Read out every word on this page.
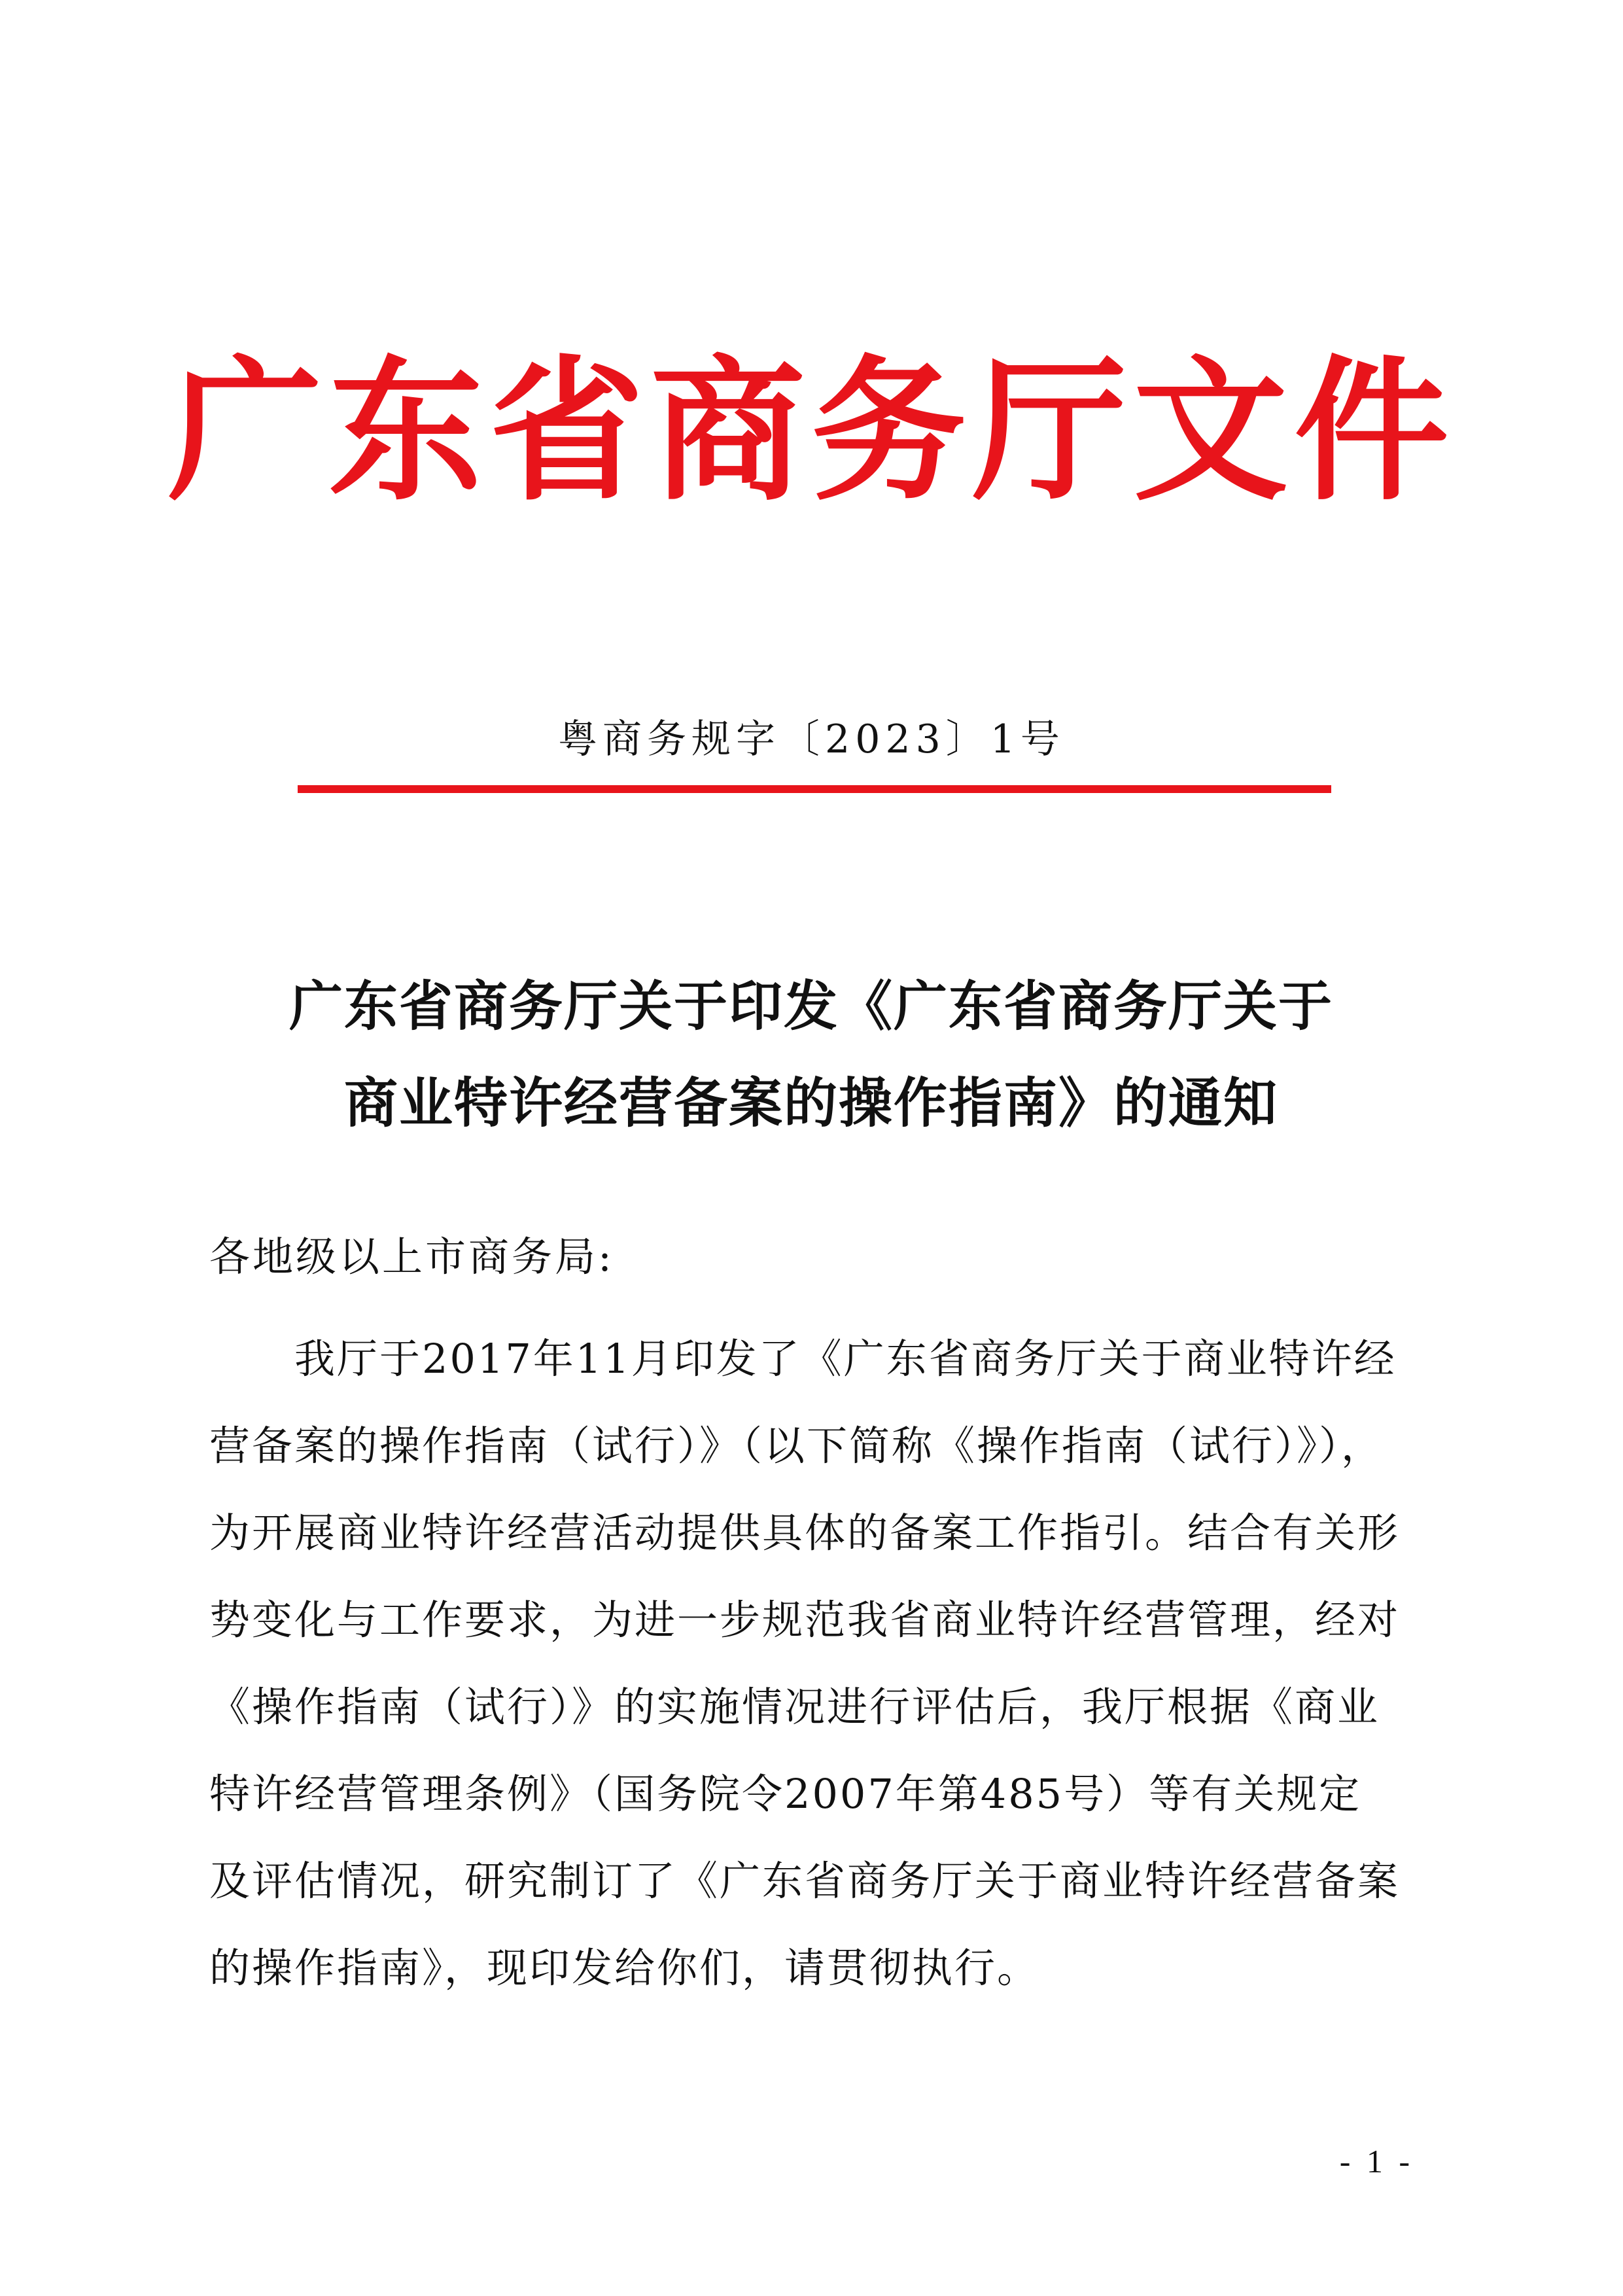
广东省商务厅文件
粤商务规字〔2023〕1号
广东省商务厅关于印发《广东省商务厅关于
商业特许经营备案的操作指南》的通知
各地级以上市商务局:
　　我厅于2017年11月印发了《广东省商务厅关于商业特许经
营备案的操作指南（试行）》（以下简称《操作指南（试行）》），
为开展商业特许经营活动提供具体的备案工作指引。结合有关形
势变化与工作要求，为进一步规范我省商业特许经营管理，经对
《操作指南（试行）》的实施情况进行评估后，我厅根据《商业
特许经营管理条例》（国务院令2007年第485号）等有关规定
及评估情况，研究制订了《广东省商务厅关于商业特许经营备案
的操作指南》，现印发给你们，请贯彻执行。
- 1 -
